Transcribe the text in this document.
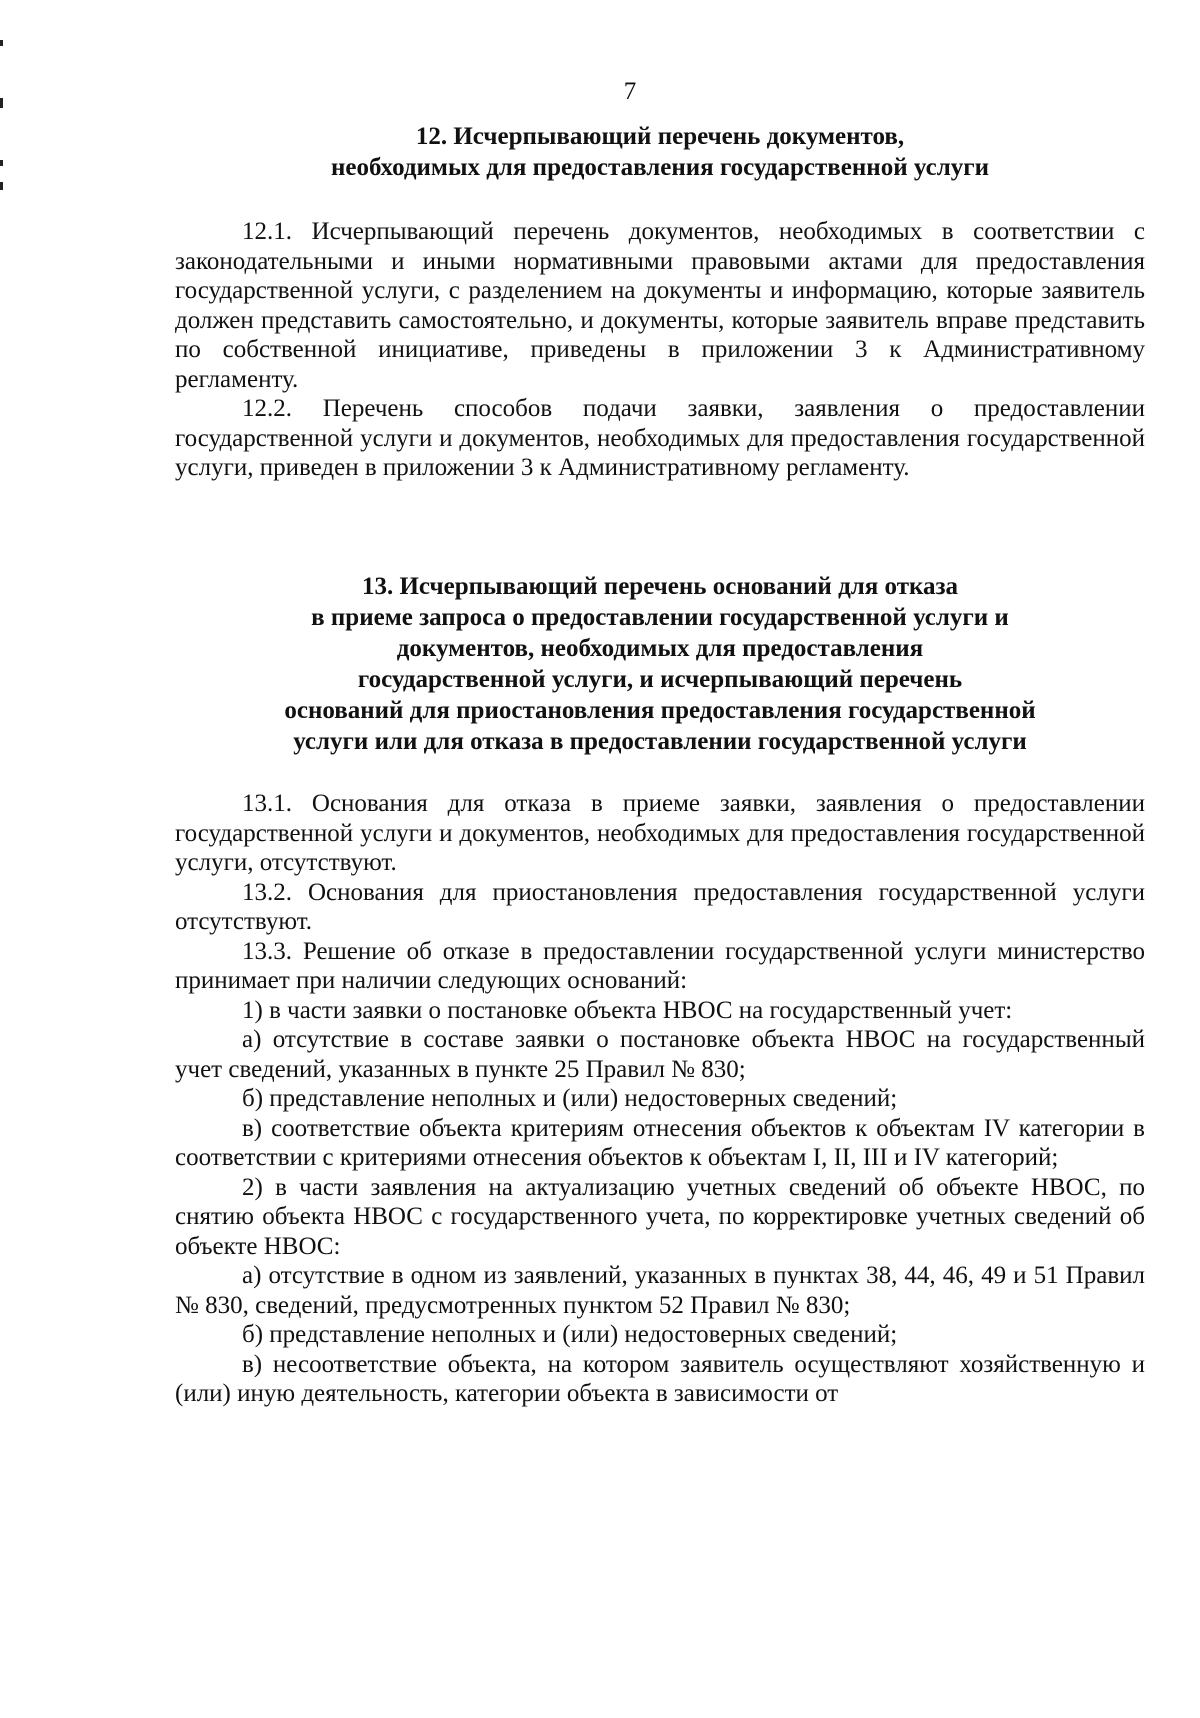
7
12. Исчерпывающий перечень документов,
необходимых для предоставления государственной услуги

12.1. Исчерпывающий перечень документов, необходимых в соответствии с законодательными и иными нормативными правовыми актами для предоставления государственной услуги, с разделением на документы и информацию, которые заявитель должен представить самостоятельно, и документы, которые заявитель вправе представить по собственной инициативе, приведены в приложении 3 к Административному регламенту.

12.2. Перечень способов подачи заявки, заявления о предоставлении государственной услуги и документов, необходимых для предоставления государственной услуги, приведен в приложении 3 к Административному регламенту.

13. Исчерпывающий перечень оснований для отказа
в приеме запроса о предоставлении государственной услуги и
документов, необходимых для предоставления
государственной услуги, и исчерпывающий перечень
оснований для приостановления предоставления государственной
услуги или для отказа в предоставлении государственной услуги

13.1. Основания для отказа в приеме заявки, заявления о предоставлении государственной услуги и документов, необходимых для предоставления государственной услуги, отсутствуют.

13.2. Основания для приостановления предоставления государственной услуги отсутствуют.

13.3. Решение об отказе в предоставлении государственной услуги министерство принимает при наличии следующих оснований:

1) в части заявки о постановке объекта НВОС на государственный учет:

а) отсутствие в составе заявки о постановке объекта НВОС на государственный учет сведений, указанных в пункте 25 Правил № 830;

б) представление неполных и (или) недостоверных сведений;

в) соответствие объекта критериям отнесения объектов к объектам IV категории в соответствии с критериями отнесения объектов к объектам I, II, III и IV категорий;

2) в части заявления на актуализацию учетных сведений об объекте НВОС, по снятию объекта НВОС с государственного учета, по корректировке учетных сведений об объекте НВОС:

а) отсутствие в одном из заявлений, указанных в пунктах 38, 44, 46, 49 и 51 Правил № 830, сведений, предусмотренных пунктом 52 Правил № 830;

б) представление неполных и (или) недостоверных сведений;

в) несоответствие объекта, на котором заявитель осуществляют хозяйственную и (или) иную деятельность, категории объекта в зависимости от
